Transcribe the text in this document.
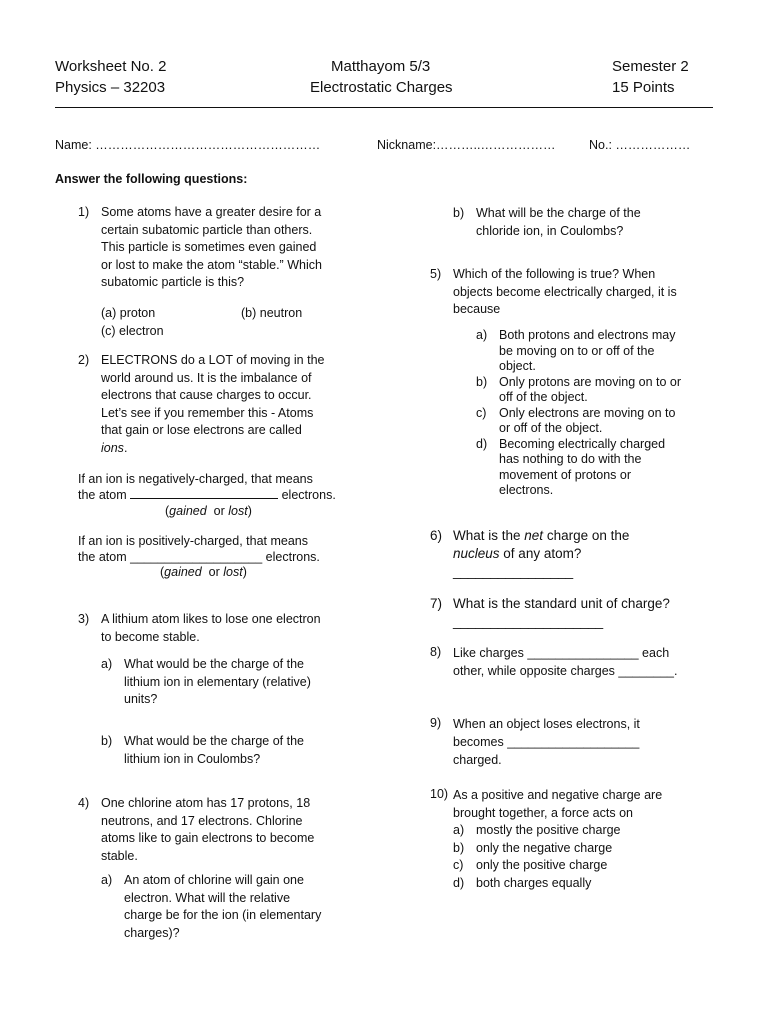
Worksheet No. 2
Physics – 32203
Matthayom 5/3
Electrostatic Charges
Semester 2
15 Points
Name: ………………………………………………	Nickname:………..………………	No.: ………………
Answer the following questions:
1) Some atoms have a greater desire for a
certain subatomic particle than others.
This particle is sometimes even gained
or lost to make the atom “stable.” Which
subatomic particle is this?
(a) proton	(b) neutron
(c) electron
2) ELECTRONS do a LOT of moving in the
world around us. It is the imbalance of
electrons that cause charges to occur.
Let’s see if you remember this - Atoms
that gain or lose electrons are called
ions.
If an ion is negatively-charged, that means
the atom	electrons.
(gained or lost)
If an ion is positively-charged, that means
the atom ___________________ electrons.
(gained or lost)
3) A lithium atom likes to lose one electron
to become stable.
a) What would be the charge of the
lithium ion in elementary (relative)
units?
b) What would be the charge of the
lithium ion in Coulombs?
4) One chlorine atom has 17 protons, 18
neutrons, and 17 electrons. Chlorine
atoms like to gain electrons to become
stable.
a) An atom of chlorine will gain one
electron. What will the relative
charge be for the ion (in elementary
charges)?
b) What will be the charge of the
chloride ion, in Coulombs?
5) Which of the following is true? When
objects become electrically charged, it is
because
a) Both protons and electrons may
be moving on to or off of the
object.
b) Only protons are moving on to or
off of the object.
c)	Only electrons are moving on to
or off of the object.
d) Becoming electrically charged
has nothing to do with the
movement of protons or
electrons.
6) What is the net charge on the
nucleus of any atom?
________________
7) What is the standard unit of charge?
____________________
8) Like charges ________________ each
other, while opposite charges ________.
9) When an object loses electrons, it
becomes ___________________
charged.
10) As a positive and negative charge are
brought together, a force acts on
a) mostly the positive charge
b) only the negative charge
c)	only the positive charge
d) both charges equally
